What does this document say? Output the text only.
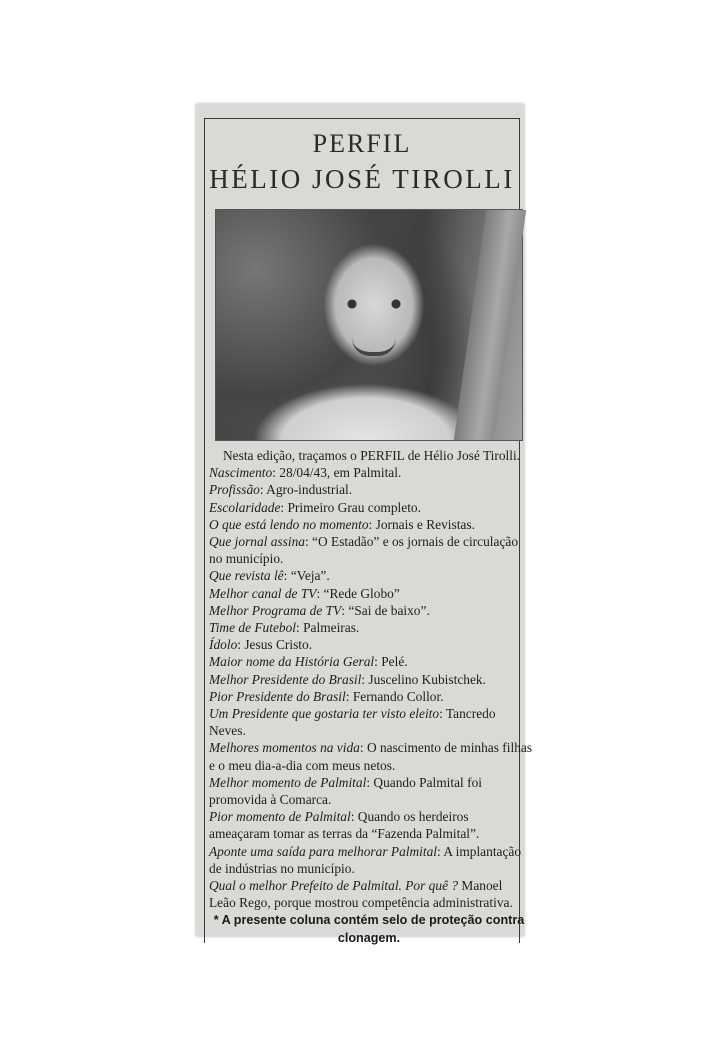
PERFIL
HÉLIO JOSÉ TIROLLI
Nesta edição, traçamos o PERFIL de Hélio José Tirolli.
Nascimento: 28/04/43, em Palmital.
Profissão: Agro-industrial.
Escolaridade: Primeiro Grau completo.
O que está lendo no momento: Jornais e Revistas.
Que jornal assina: “O Estadão” e os jornais de circulação
no município.
Que revista lê: “Veja”.
Melhor canal de TV: “Rede Globo”
Melhor Programa de TV: “Sai de baixo”.
Time de Futebol: Palmeiras.
Ídolo: Jesus Cristo.
Maior nome da História Geral: Pelé.
Melhor Presidente do Brasil: Juscelino Kubistchek.
Pior Presidente do Brasil: Fernando Collor.
Um Presidente que gostaria ter visto eleito: Tancredo
Neves.
Melhores momentos na vida: O nascimento de minhas filhas
e o meu dia-a-dia com meus netos.
Melhor momento de Palmital: Quando Palmital foi
promovida à Comarca.
Pior momento de Palmital: Quando os herdeiros
ameaçaram tomar as terras da “Fazenda Palmital”.
Aponte uma saída para melhorar Palmital: A implantação
de indústrias no município.
Qual o melhor Prefeito de Palmital. Por quê ? Manoel
Leão Rego, porque mostrou competência administrativa.
* A presente coluna contém selo de proteção contra
clonagem.
